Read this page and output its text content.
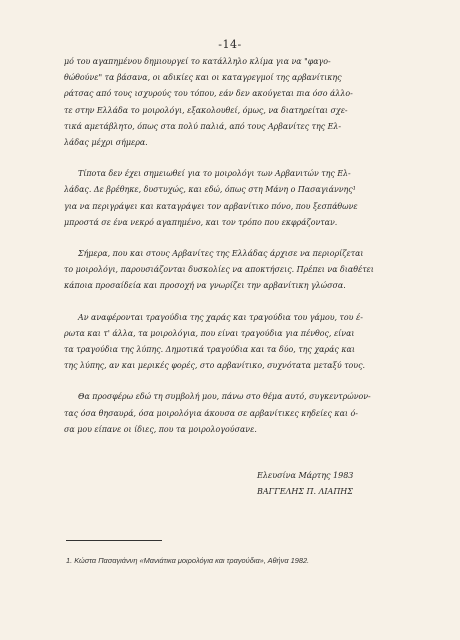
-14-
μό του αγαπημένου δημιουργεί το κατάλληλο κλίμα για να "φαγο-
θώθούνε" τα βάσανα, οι αδικίες και οι καταγρεγμοί της αρβανίτικης
ράτσας από τους ισχυρούς του τόπου, εάν δεν ακούγεται πια όσο άλλο-
τε στην Ελλάδα το μοιρολόγι, εξακολουθεί, όμως, να διατηρείται σχε-
τικά αμετάβλητο, όπως στα πολύ παλιά, από τους Αρβανίτες της Ελ-
λάδας μέχρι σήμερα.
Τίποτα δεν έχει σημειωθεί για το μοιρολόγι των Αρβανιτών της Ελ-
λάδας. Δε βρέθηκε, δυστυχώς, και εδώ, όπως στη Μάνη ο Πασαγιάννης¹
για να περιγράψει και καταγράψει τον αρβανίτικο πόνο, που ξεσπάθωνε
μπροστά σε ένα νεκρό αγαπημένο, και τον τρόπο που εκφράζονταν.
Σήμερα, που και στους Αρβανίτες της Ελλάδας άρχισε να περιορίζεται
το μοιρολόγι, παρουσιάζονται δυσκολίες να αποκτήσεις. Πρέπει να διαθέτει
κάποια προσαίδεία και προσοχή να γνωρίζει την αρβανίτικη γλώσσα.
Αν αναφέρονται τραγούδια της χαράς και τραγούδια του γάμου, του έ-
ρωτα και τ' άλλα, τα μοιρολόγια, που είναι τραγούδια για πένθος, είναι
τα τραγούδια της λύπης. Δημοτικά τραγούδια και τα δύο, της χαράς και
της λύπης, αν και μερικές φορές, στο αρβανίτικο, συχνότατα μεταξύ τους.
Θα προσφέρω εδώ τη συμβολή μου, πάνω στο θέμα αυτό, συγκεντρώνον-
τας όσα θησαυρά, όσα μοιρολόγια άκουσα σε αρβανίτικες κηδείες και ό-
σα μου είπανε οι ίδιες, που τα μοιρολογούσανε.
Ελευσίνα Μάρτης 1983
ΒΑΓΓΕΛΗΣ Π. ΛΙΑΠΗΣ
1. Κώστα Πασαγιάννη «Μανιάτικα μοιρολόγια και τραγούδια», Αθήνα 1982.
